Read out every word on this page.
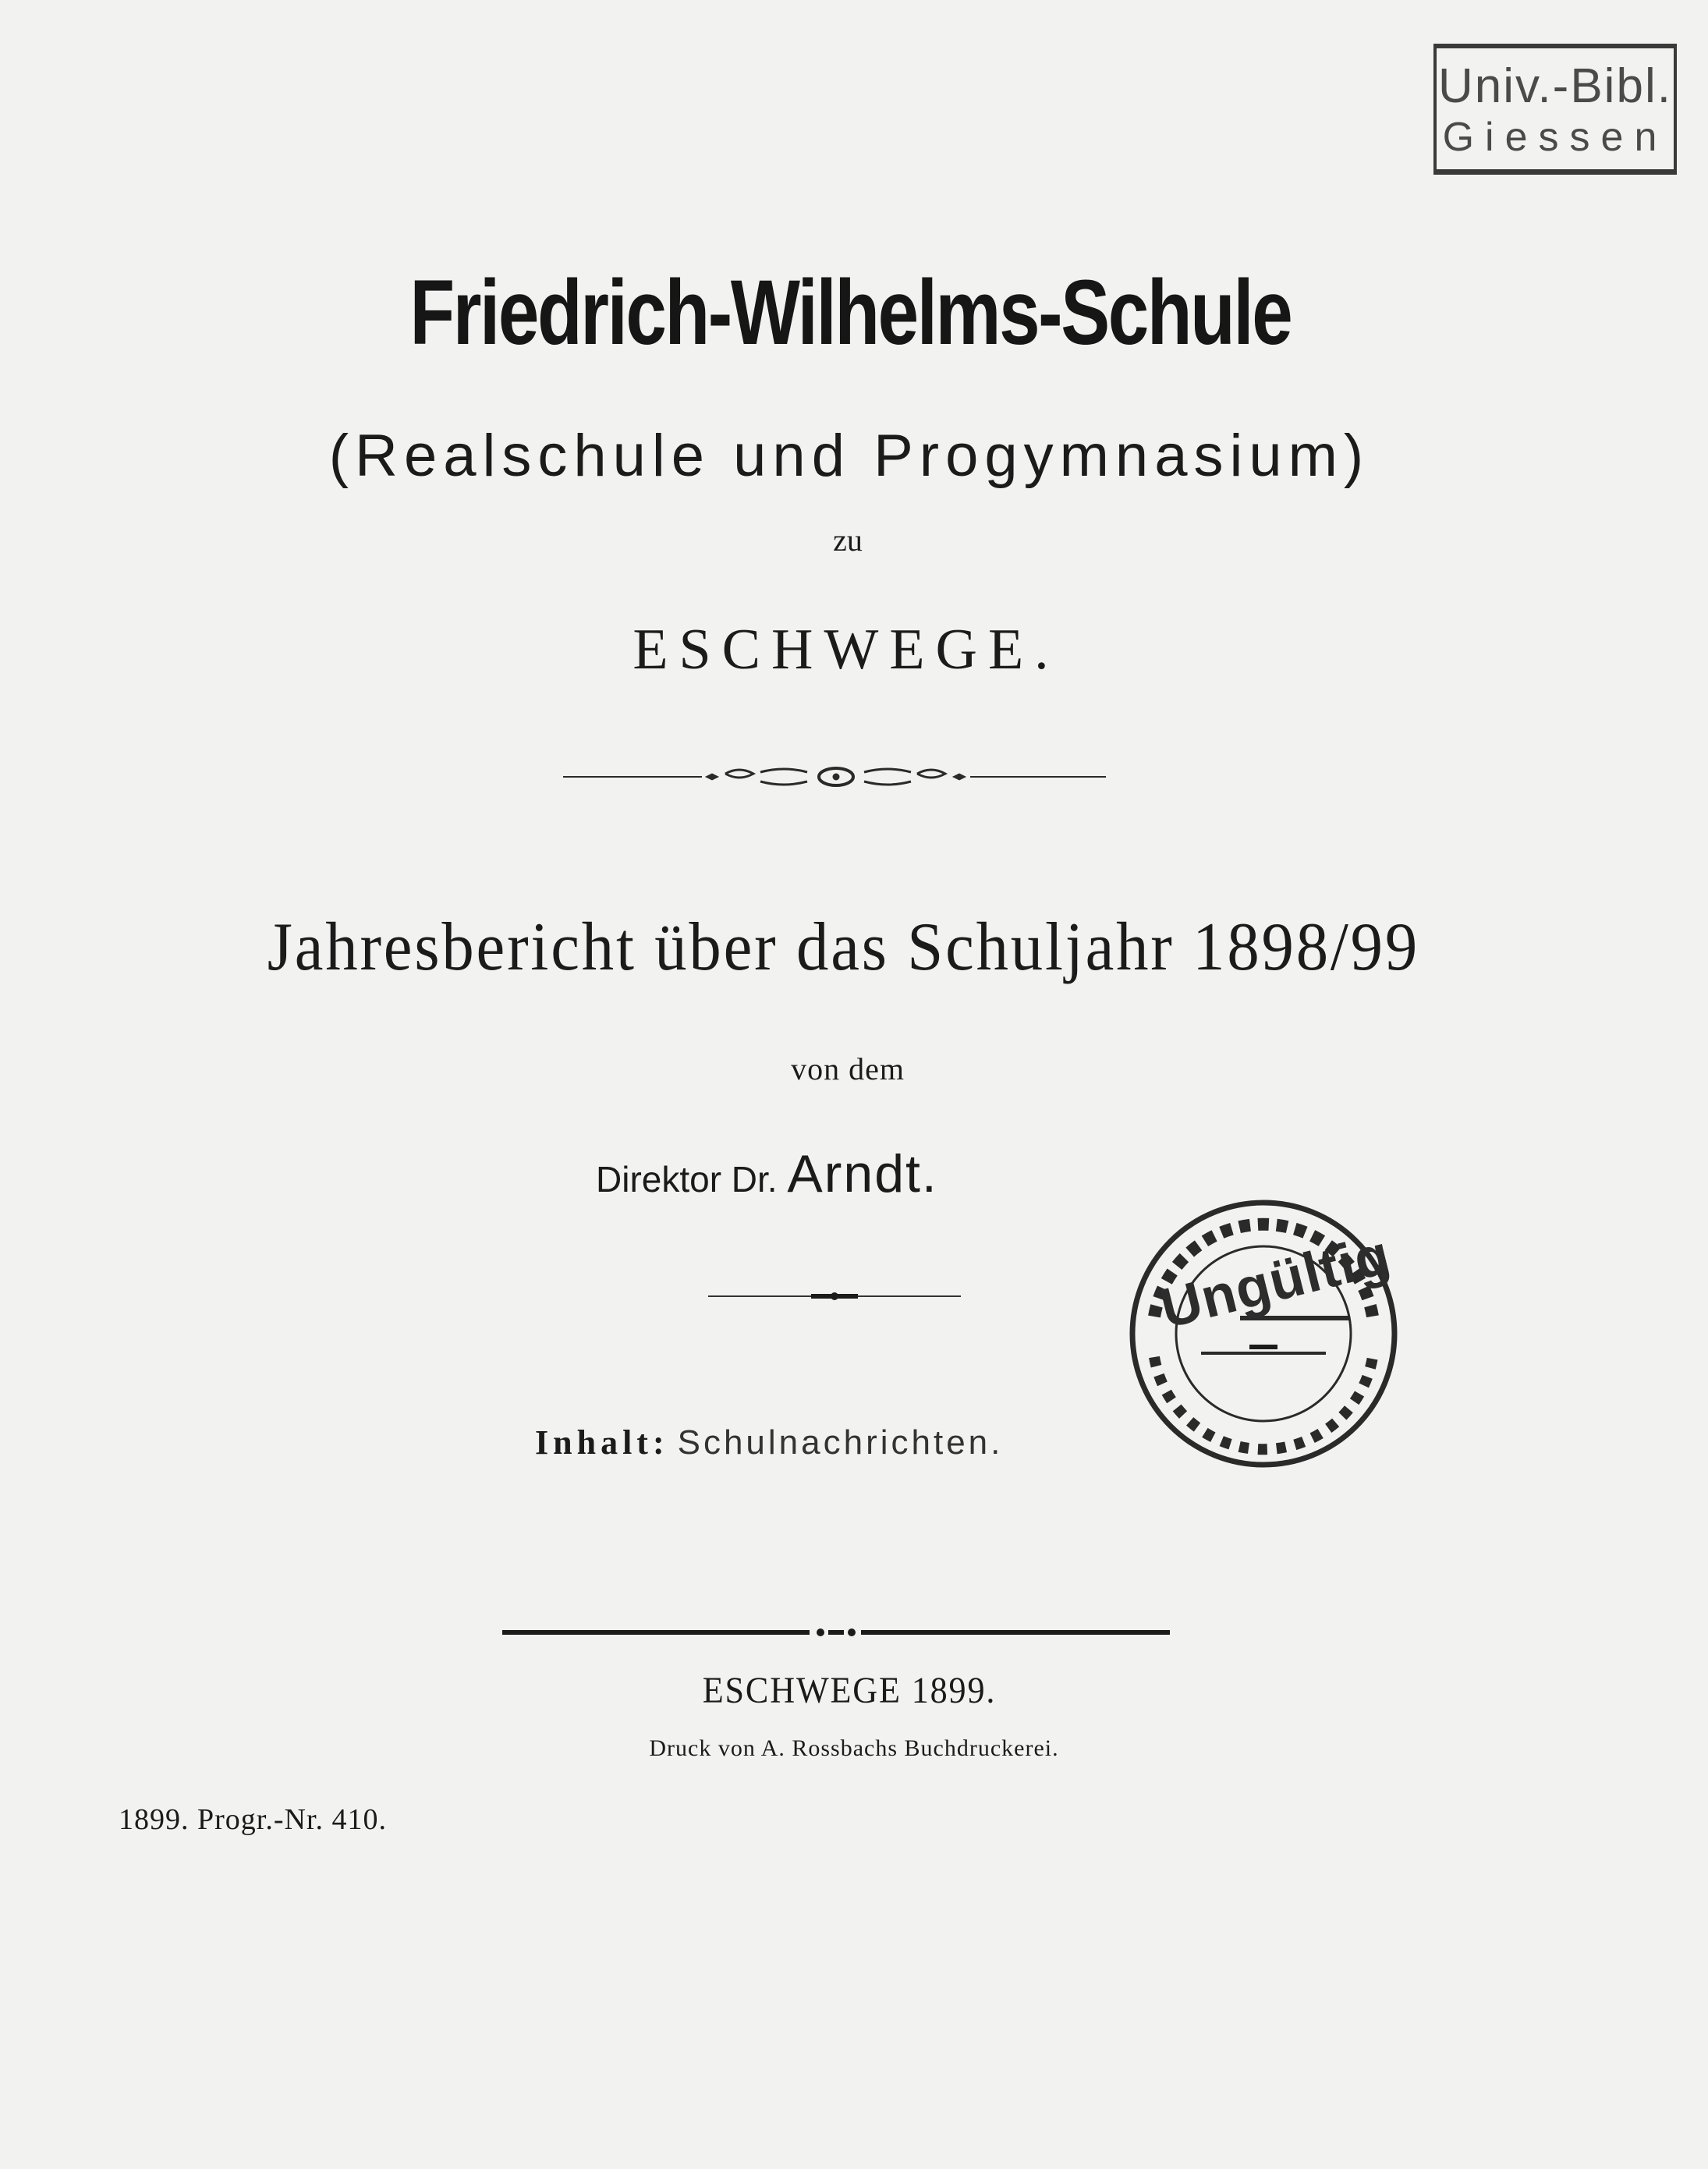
Univ.-Bibl.
Giessen
Friedrich-Wilhelms-Schule
(Realschule und Progymnasium)
zu
ESCHWEGE.
Jahresbericht über das Schuljahr 1898/99
von dem
Direktor Dr. Arndt.
Inhalt: Schulnachrichten.
ESCHWEGE 1899.
Druck von A. Rossbachs Buchdruckerei.
1899. Progr.-Nr. 410.
Ungültig
